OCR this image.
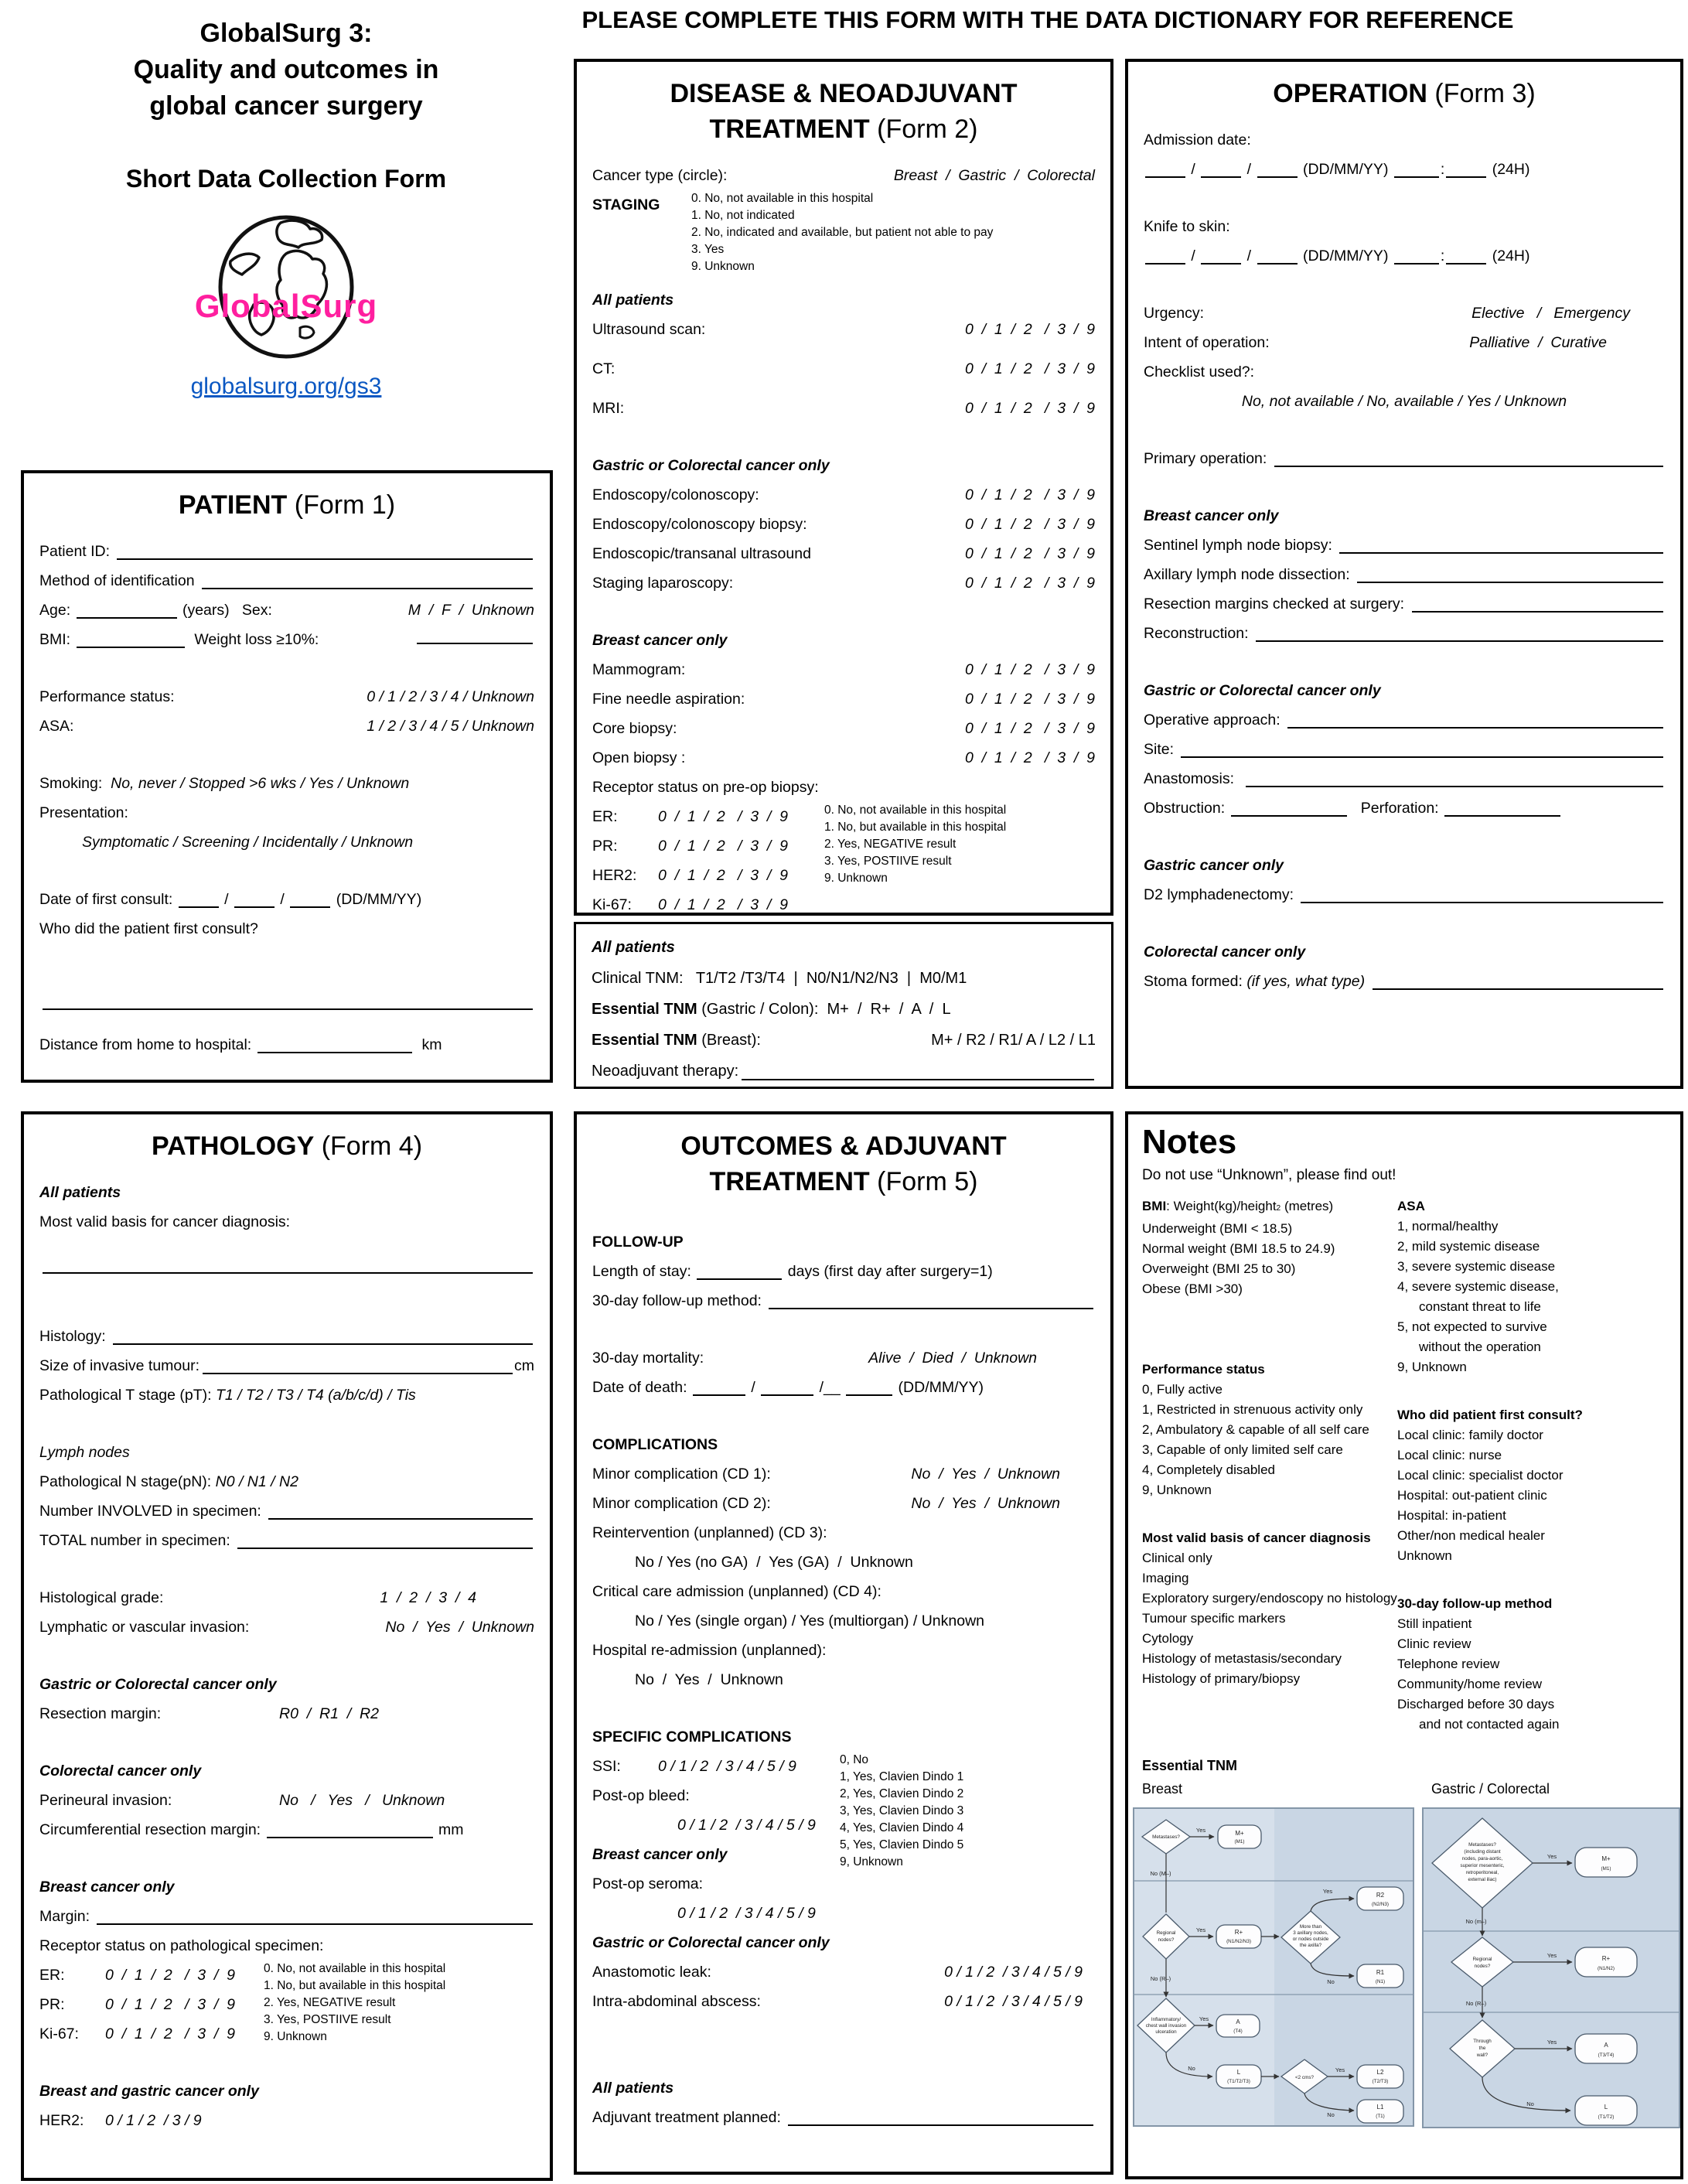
PLEASE COMPLETE THIS FORM WITH THE DATA DICTIONARY FOR REFERENCE
GlobalSurg 3:
Quality and outcomes in
global cancer surgery
Short Data Collection Form
GlobalSurg
globalsurg.org/gs3
PATIENT (Form 1)
Patient ID:
Method of identification
Age:	(years)   Sex:	M  /  F  /  Unknown
BMI:	Weight loss ≥10%:
Performance status:	0 / 1 / 2 / 3 / 4 / Unknown
ASA:	1 / 2 / 3 / 4 / 5 / Unknown
Smoking: No, never / Stopped >6 wks / Yes / Unknown
Presentation:
Symptomatic / Screening / Incidentally / Unknown
Date of first consult:	/	/	(DD/MM/YY)
Who did the patient first consult?
Distance from home to hospital:	km
DISEASE & NEOADJUVANT
TREATMENT (Form 2)
Cancer type (circle):	Breast  /  Gastric  /  Colorectal
STAGING	0. No, not available in this hospital
1. No, not indicated
2. No, indicated and available, but patient not able to pay
3. Yes
9. Unknown
All patients
Ultrasound scan:	0  /  1  /  2   /  3  /  9
CT:	0  /  1  /  2   /  3  /  9
MRI:	0  /  1  /  2   /  3  /  9
Gastric or Colorectal cancer only
Endoscopy/colonoscopy:	0  /  1  /  2   /  3  /  9
Endoscopy/colonoscopy biopsy:	0  /  1  /  2   /  3  /  9
Endoscopic/transanal ultrasound	0  /  1  /  2   /  3  /  9
Staging laparoscopy:	0  /  1  /  2   /  3  /  9
Breast cancer only
Mammogram:	0  /  1  /  2   /  3  /  9
Fine needle aspiration:	0  /  1  /  2   /  3  /  9
Core biopsy:	0  /  1  /  2   /  3  /  9
Open biopsy :	0  /  1  /  2   /  3  /  9
Receptor status on pre-op biopsy:
ER:	0  /  1  /  2   /  3  /  9
PR:	0  /  1  /  2   /  3  /  9
HER2:	0  /  1  /  2   /  3  /  9
Ki-67:	0  /  1  /  2   /  3  /  9
0. No, not available in this hospital
1. No, but available in this hospital
2. Yes, NEGATIVE result
3. Yes, POSTIIVE result
9. Unknown
All patients
Clinical TNM:   T1/T2 /T3/T4  |  N0/N1/N2/N3  |  M0/M1
Essential TNM (Gastric / Colon):  M+  /  R+  /  A  /  L
Essential TNM (Breast):	M+ / R2 / R1/ A / L2 / L1
Neoadjuvant therapy:
OPERATION (Form 3)
Admission date:
/	/	(DD/MM/YY)	:	(24H)
Knife to skin:
/	/	(DD/MM/YY)	:	(24H)
Urgency:	Elective   /   Emergency
Intent of operation:	Palliative  /  Curative
Checklist used?:
No, not available / No, available / Yes / Unknown
Primary operation:
Breast cancer only
Sentinel lymph node biopsy:
Axillary lymph node dissection:
Resection margins checked at surgery:
Reconstruction:
Gastric or Colorectal cancer only
Operative approach:
Site:
Anastomosis:
Obstruction:	Perforation:
Gastric cancer only
D2 lymphadenectomy:
Colorectal cancer only
Stoma formed: (if yes, what type)
PATHOLOGY (Form 4)
All patients
Most valid basis for cancer diagnosis:
Histology:
Size of invasive tumour:	cm
Pathological T stage (pT): T1 / T2 / T3 / T4 (a/b/c/d) / Tis
Lymph nodes
Pathological N stage(pN): N0 / N1 / N2
Number INVOLVED in specimen:
TOTAL number in specimen:
Histological grade:	1  /  2  /  3  /  4
Lymphatic or vascular invasion:	No  /  Yes  /  Unknown
Gastric or Colorectal cancer only
Resection margin:	R0  /  R1  /  R2
Colorectal cancer only
Perineural invasion:	No   /   Yes   /   Unknown
Circumferential resection margin:	mm
Breast cancer only
Margin:
Receptor status on pathological specimen:
ER:	0  /  1  /  2   /  3  /  9
PR:	0  /  1  /  2   /  3  /  9
Ki-67:	0  /  1  /  2   /  3  /  9
0. No, not available in this hospital
1. No, but available in this hospital
2. Yes, NEGATIVE result
3. Yes, POSTIIVE result
9. Unknown
Breast and gastric cancer only
HER2:	0 / 1 / 2  / 3 / 9
OUTCOMES & ADJUVANT
TREATMENT (Form 5)
FOLLOW-UP
Length of stay:	days (first day after surgery=1)
30-day follow-up method:
30-day mortality:	Alive  /  Died  /  Unknown
Date of death:	/	/__	(DD/MM/YY)
COMPLICATIONS
Minor complication (CD 1):	No  /  Yes  /  Unknown
Minor complication (CD 2):	No  /  Yes  /  Unknown
Reintervention (unplanned) (CD 3):
No / Yes (no GA)  /  Yes (GA)  /  Unknown
Critical care admission (unplanned) (CD 4):
No / Yes (single organ) / Yes (multiorgan) / Unknown
Hospital re-admission (unplanned):
No  /  Yes  /  Unknown
SPECIFIC COMPLICATIONS
SSI:	0 / 1 / 2  / 3 / 4 / 5 / 9
Post-op bleed:
0 / 1 / 2  / 3 / 4 / 5 / 9
Breast cancer only
Post-op seroma:
0 / 1 / 2  / 3 / 4 / 5 / 9
0, No
1, Yes, Clavien Dindo 1
2, Yes, Clavien Dindo 2
3, Yes, Clavien Dindo 3
4, Yes, Clavien Dindo 4
5, Yes, Clavien Dindo 5
9, Unknown
Gastric or Colorectal cancer only
Anastomotic leak:	0 / 1 / 2  / 3 / 4 / 5 / 9
Intra-abdominal abscess:	0 / 1 / 2  / 3 / 4 / 5 / 9
All patients
Adjuvant treatment planned:
Notes
Do not use “Unknown”, please find out!
BMI : Weight(kg)/height 2 (metres)
Underweight (BMI < 18.5)
Normal weight (BMI 18.5 to 24.9)
Overweight (BMI 25 to 30)
Obese (BMI >30)
Performance status
0, Fully active
1, Restricted in strenuous activity only
2, Ambulatory & capable of all self care
3, Capable of only limited self care
4, Completely disabled
9, Unknown
Most valid basis of cancer diagnosis
Clinical only
Imaging
Exploratory surgery/endoscopy no histology
Tumour specific markers
Cytology
Histology of metastasis/secondary
Histology of primary/biopsy
ASA
1, normal/healthy
2, mild systemic disease
3, severe systemic disease
4, severe systemic disease,
constant threat to life
5, not expected to survive
without the operation
9, Unknown
Who did patient first consult?
Local clinic: family doctor
Local clinic: nurse
Local clinic: specialist doctor
Hospital: out-patient clinic
Hospital: in-patient
Other/non medical healer
Unknown
30-day follow-up method
Still inpatient
Clinic review
Telephone review
Community/home review
Discharged before 30 days
and not contacted again
Essential TNM
Breast	Gastric / Colorectal
Metastases?
Yes	M+
(M1)
No (M–)
Regional
nodes?
Yes	R+
(N1/N2/N3)
More than
3 axillary nodes,
or nodes outside
the axilla?
Yes
R2
(N2/N3)
No
R1
(N1)
No (R–)
Inflammatory/
chest wall invasion
ulceration
Yes	A
(T4)
No
L
(T1/T2/T3)
<2 cms?
Yes	L2
(T2/T3)
No
L1
(T1)
Metastases?
(including distant
nodes, para-aortic,
superior mesenteric,
retroperitoneal,
external iliac)
Yes	M+
(M1)
No (m–)
Regional
nodes?
Yes	R+
(N1/N2)
No (R–)
Through
the
wall?
Yes	A
(T3/T4)
No	L
(T1/T2)
